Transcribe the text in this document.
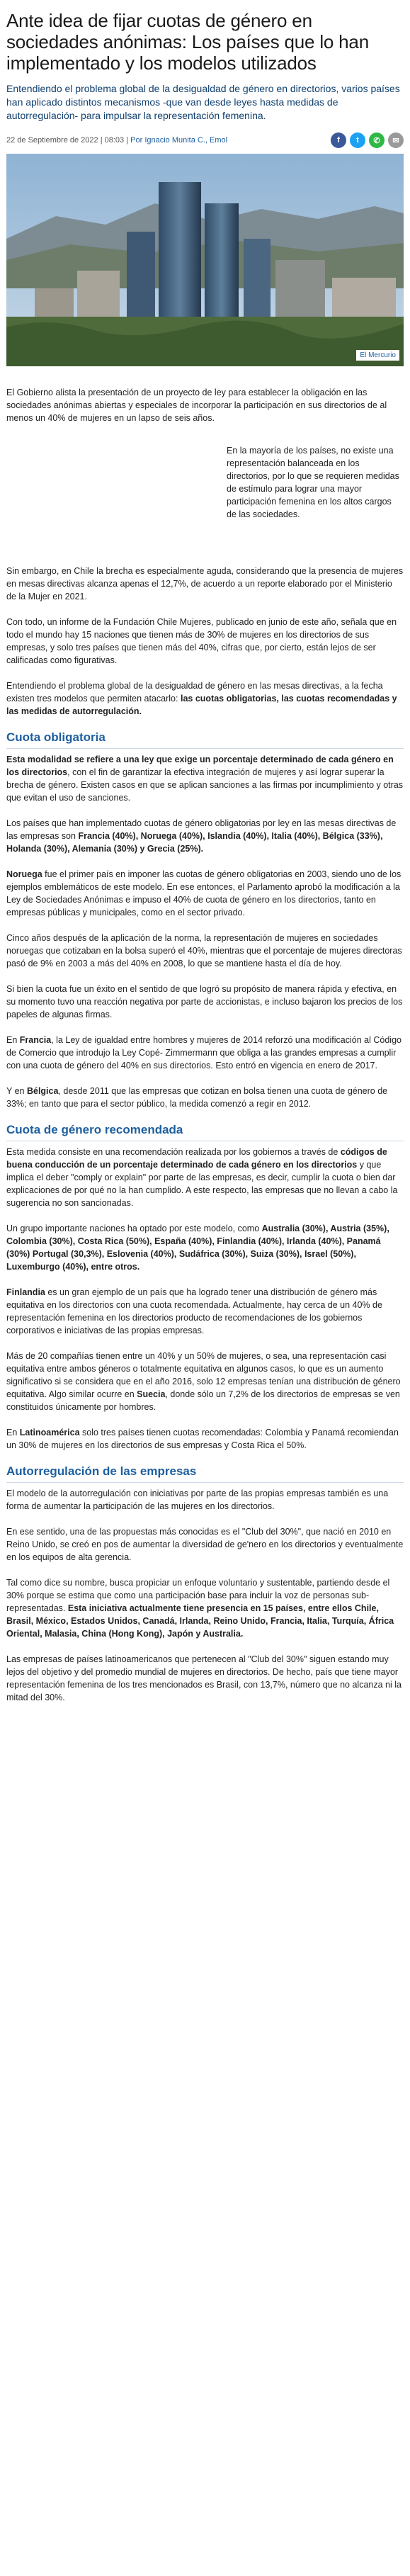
Ante idea de fijar cuotas de género en sociedades anónimas: Los países que lo han implementado y los modelos utilizados
Entendiendo el problema global de la desigualdad de género en directorios, varios países han aplicado distintos mecanismos -que van desde leyes hasta medidas de autorregulación- para impulsar la representación femenina.
22 de Septiembre de 2022 | 08:03 | Por Ignacio Munita C., Emol	f	t	✆	✉
El Mercurio

El Gobierno alista la presentación de un proyecto de ley para establecer la obligación en las sociedades anónimas abiertas y especiales de incorporar la participación en sus directorios de al menos un 40% de mujeres en un lapso de seis años.

En la mayoría de los países, no existe una representación balanceada en los directorios, por lo que se requieren medidas de estímulo para lograr una mayor participación femenina en los altos cargos de las sociedades.

Sin embargo, en Chile la brecha es especialmente aguda, considerando que la presencia de mujeres en mesas directivas alcanza apenas el 12,7%, de acuerdo a un reporte elaborado por el Ministerio de la Mujer en 2021.

Con todo, un informe de la Fundación Chile Mujeres, publicado en junio de este año, señala que en todo el mundo hay 15 naciones que tienen más de 30% de mujeres en los directorios de sus empresas, y solo tres países que tienen más del 40%, cifras que, por cierto, están lejos de ser calificadas como figurativas.

Entendiendo el problema global de la desigualdad de género en las mesas directivas, a la fecha existen tres modelos que permiten atacarlo: las cuotas obligatorias, las cuotas recomendadas y las medidas de autorregulación.

Cuota obligatoria

Esta modalidad se refiere a una ley que exige un porcentaje determinado de cada género en los directorios, con el fin de garantizar la efectiva integración de mujeres y así lograr superar la brecha de género. Existen casos en que se aplican sanciones a las firmas por incumplimiento y otras que evitan el uso de sanciones.

Los países que han implementado cuotas de género obligatorias por ley en las mesas directivas de las empresas son Francia (40%), Noruega (40%), Islandia (40%), Italia (40%), Bélgica (33%), Holanda (30%), Alemania (30%) y Grecia (25%).

Noruega fue el primer país en imponer las cuotas de género obligatorias en 2003, siendo uno de los ejemplos emblemáticos de este modelo. En ese entonces, el Parlamento aprobó la modificación a la Ley de Sociedades Anónimas e impuso el 40% de cuota de género en los directorios, tanto en empresas públicas y municipales, como en el sector privado.

Cinco años después de la aplicación de la norma, la representación de mujeres en sociedades noruegas que cotizaban en la bolsa superó el 40%, mientras que el porcentaje de mujeres directoras pasó de 9% en 2003 a más del 40% en 2008, lo que se mantiene hasta el día de hoy.

Si bien la cuota fue un éxito en el sentido de que logró su propósito de manera rápida y efectiva, en su momento tuvo una reacción negativa por parte de accionistas, e incluso bajaron los precios de los papeles de algunas firmas.

En Francia, la Ley de igualdad entre hombres y mujeres de 2014 reforzó una modificación al Código de Comercio que introdujo la Ley Copé- Zimmermann que obliga a las grandes empresas a cumplir con una cuota de género del 40% en sus directorios. Esto entró en vigencia en enero de 2017.

Y en Bélgica, desde 2011 que las empresas que cotizan en bolsa tienen una cuota de género de 33%; en tanto que para el sector público, la medida comenzó a regir en 2012.

Cuota de género recomendada

Esta medida consiste en una recomendación realizada por los gobiernos a través de códigos de buena conducción de un porcentaje determinado de cada género en los directorios y que implica el deber "comply or explain" por parte de las empresas, es decir, cumplir la cuota o bien dar explicaciones de por qué no la han cumplido. A este respecto, las empresas que no llevan a cabo la sugerencia no son sancionadas.

Un grupo importante naciones ha optado por este modelo, como Australia (30%), Austria (35%), Colombia (30%), Costa Rica (50%), España (40%), Finlandia (40%), Irlanda (40%), Panamá (30%) Portugal (30,3%), Eslovenia (40%), Sudáfrica (30%), Suiza (30%), Israel (50%), Luxemburgo (40%), entre otros.

Finlandia es un gran ejemplo de un país que ha logrado tener una distribución de género más equitativa en los directorios con una cuota recomendada. Actualmente, hay cerca de un 40% de representación femenina en los directorios producto de recomendaciones de los gobiernos corporativos e iniciativas de las propias empresas.

Más de 20 compañías tienen entre un 40% y un 50% de mujeres, o sea, una representación casi equitativa entre ambos géneros o totalmente equitativa en algunos casos, lo que es un aumento significativo si se considera que en el año 2016, solo 12 empresas tenían una distribución de género equitativa. Algo similar ocurre en Suecia, donde sólo un 7,2% de los directorios de empresas se ven constituidos únicamente por hombres.

En Latinoamérica solo tres países tienen cuotas recomendadas: Colombia y Panamá recomiendan un 30% de mujeres en los directorios de sus empresas y Costa Rica el 50%.

Autorregulación de las empresas

El modelo de la autorregulación con iniciativas por parte de las propias empresas también es una forma de aumentar la participación de las mujeres en los directorios.

En ese sentido, una de las propuestas más conocidas es el "Club del 30%", que nació en 2010 en Reino Unido, se creó en pos de aumentar la diversidad de ge'nero en los directorios y eventualmente en los equipos de alta gerencia.

Tal como dice su nombre, busca propiciar un enfoque voluntario y sustentable, partiendo desde el 30% porque se estima que como una participación base para incluir la voz de personas sub-representadas. Esta iniciativa actualmente tiene presencia en 15 países, entre ellos Chile, Brasil, México, Estados Unidos, Canadá, Irlanda, Reino Unido, Francia, Italia, Turquía, África Oriental, Malasia, China (Hong Kong), Japón y Australia.

Las empresas de países latinoamericanos que pertenecen al "Club del 30%" siguen estando muy lejos del objetivo y del promedio mundial de mujeres en directorios. De hecho, país que tiene mayor representación femenina de los tres mencionados es Brasil, con 13,7%, número que no alcanza ni la mitad del 30%.
